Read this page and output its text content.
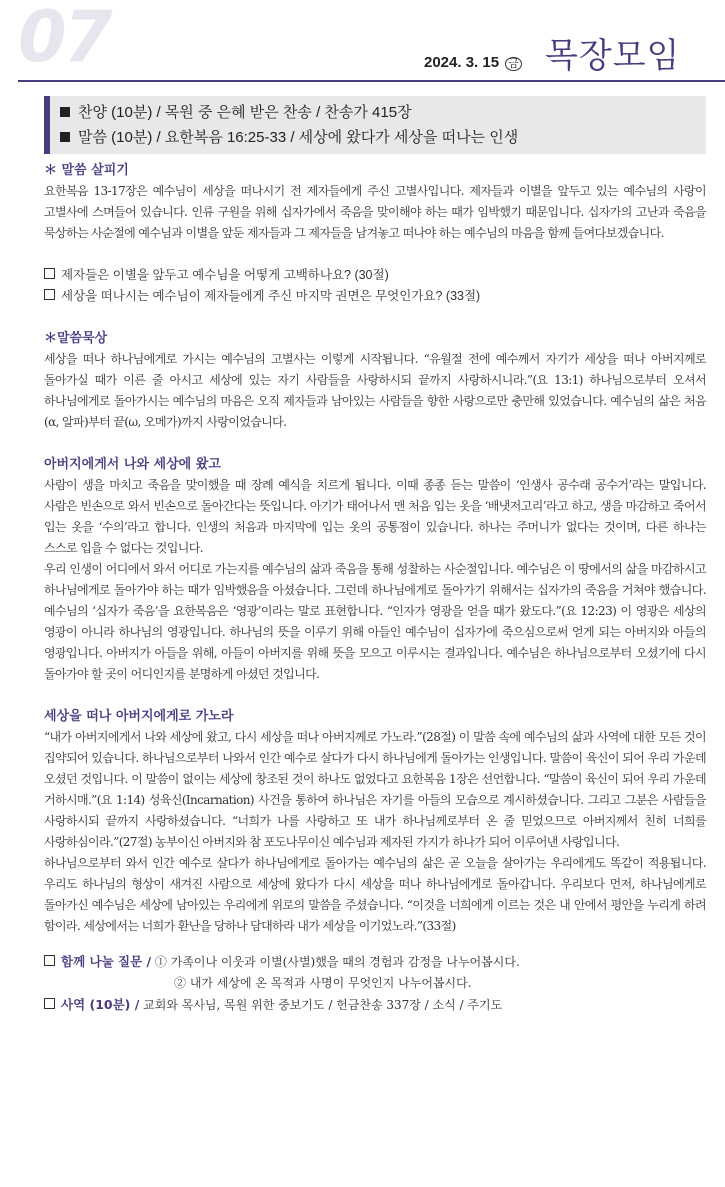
07	2024. 3. 15 금 목장모임
찬양 (10분) / 목원 중 은혜 받은 찬송 / 찬송가 415장
말씀 (10분) / 요한복음 16:25-33 / 세상에 왔다가 세상을 떠나는 인생

＊ 말씀 살피기

요한복음 13-17장은 예수님이 세상을 떠나시기 전 제자들에게 주신 고별사입니다. 제자들과 이별을 앞두고 있는 예수님의 사랑이 고별사에 스며들어 있습니다. 인류 구원을 위해 십자가에서 죽음을 맞이해야 하는 때가 임박했기 때문입니다. 십자가의 고난과 죽음을 묵상하는 사순절에 예수님과 이별을 앞둔 제자들과 그 제자들을 남겨놓고 떠나야 하는 예수님의 마음을 함께 들여다보겠습니다.

제자들은 이별을 앞두고 예수님을 어떻게 고백하나요? (30절)

세상을 떠나시는 예수님이 제자들에게 주신 마지막 권면은 무엇인가요? (33절)

＊말씀묵상

세상을 떠나 하나님에게로 가시는 예수님의 고별사는 이렇게 시작됩니다. “유월절 전에 예수께서 자기가 세상을 떠나 아버지께로 돌아가실 때가 이른 줄 아시고 세상에 있는 자기 사람들을 사랑하시되 끝까지 사랑하시니라.”(요 13:1) 하나님으로부터 오셔서 하나님에게로 돌아가시는 예수님의 마음은 오직 제자들과 남아있는 사람들을 향한 사랑으로만 충만해 있었습니다. 예수님의 삶은 처음(α, 알파)부터 끝(ω, 오메가)까지 사랑이었습니다.

아버지에게서 나와 세상에 왔고

사람이 생을 마치고 죽음을 맞이했을 때 장례 예식을 치르게 됩니다. 이때 종종 듣는 말씀이 ‘인생사 공수래 공수거’라는 말입니다. 사람은 빈손으로 와서 빈손으로 돌아간다는 뜻입니다. 아기가 태어나서 맨 처음 입는 옷을 ‘배냇저고리’라고 하고, 생을 마감하고 죽어서 입는 옷을 ‘수의’라고 합니다. 인생의 처음과 마지막에 입는 옷의 공통점이 있습니다. 하나는 주머니가 없다는 것이며, 다른 하나는 스스로 입을 수 없다는 것입니다.

우리 인생이 어디에서 와서 어디로 가는지를 예수님의 삶과 죽음을 통해 성찰하는 사순절입니다. 예수님은 이 땅에서의 삶을 마감하시고 하나님에게로 돌아가야 하는 때가 임박했음을 아셨습니다. 그런데 하나님에게로 돌아가기 위해서는 십자가의 죽음을 거쳐야 했습니다. 예수님의 ‘십자가 죽음’을 요한복음은 ‘영광’이라는 말로 표현합니다. “인자가 영광을 얻을 때가 왔도다.”(요 12:23) 이 영광은 세상의 영광이 아니라 하나님의 영광입니다. 하나님의 뜻을 이루기 위해 아들인 예수님이 십자가에 죽으심으로써 얻게 되는 아버지와 아들의 영광입니다. 아버지가 아들을 위해, 아들이 아버지를 위해 뜻을 모으고 이루시는 결과입니다. 예수님은 하나님으로부터 오셨기에 다시 돌아가야 할 곳이 어디인지를 분명하게 아셨던 것입니다.

세상을 떠나 아버지에게로 가노라

“내가 아버지에게서 나와 세상에 왔고, 다시 세상을 떠나 아버지께로 가노라.”(28절) 이 말씀 속에 예수님의 삶과 사역에 대한 모든 것이 집약되어 있습니다. 하나님으로부터 나와서 인간 예수로 살다가 다시 하나님에게 돌아가는 인생입니다. 말씀이 육신이 되어 우리 가운데 오셨던 것입니다. 이 말씀이 없이는 세상에 창조된 것이 하나도 없었다고 요한복음 1장은 선언합니다. “말씀이 육신이 되어 우리 가운데 거하시매.”(요 1:14) 성육신(Incarnation) 사건을 통하여 하나님은 자기를 아들의 모습으로 계시하셨습니다. 그리고 그분은 사람들을 사랑하시되 끝까지 사랑하셨습니다. “너희가 나를 사랑하고 또 내가 하나님께로부터 온 줄 믿었으므로 아버지께서 친히 너희를 사랑하심이라.”(27절) 농부이신 아버지와 참 포도나무이신 예수님과 제자된 가지가 하나가 되어 이루어낸 사랑입니다.

하나님으로부터 와서 인간 예수로 살다가 하나님에게로 돌아가는 예수님의 삶은 곧 오늘을 살아가는 우리에게도 똑같이 적용됩니다. 우리도 하나님의 형상이 새겨진 사람으로 세상에 왔다가 다시 세상을 떠나 하나님에게로 돌아갑니다. 우리보다 먼저, 하나님에게로 돌아가신 예수님은 세상에 남아있는 우리에게 위로의 말씀을 주셨습니다. “이것을 너희에게 이르는 것은 내 안에서 평안을 누리게 하려 함이라. 세상에서는 너희가 환난을 당하나 담대하라 내가 세상을 이기었노라.”(33절)

함께 나눌 질문 / ① 가족이나 이웃과 이별(사별)했을 때의 경험과 감정을 나누어봅시다.

② 내가 세상에 온 목적과 사명이 무엇인지 나누어봅시다.

사역 (10분) / 교회와 목사님, 목원 위한 중보기도 / 헌금찬송 337장 / 소식 / 주기도
